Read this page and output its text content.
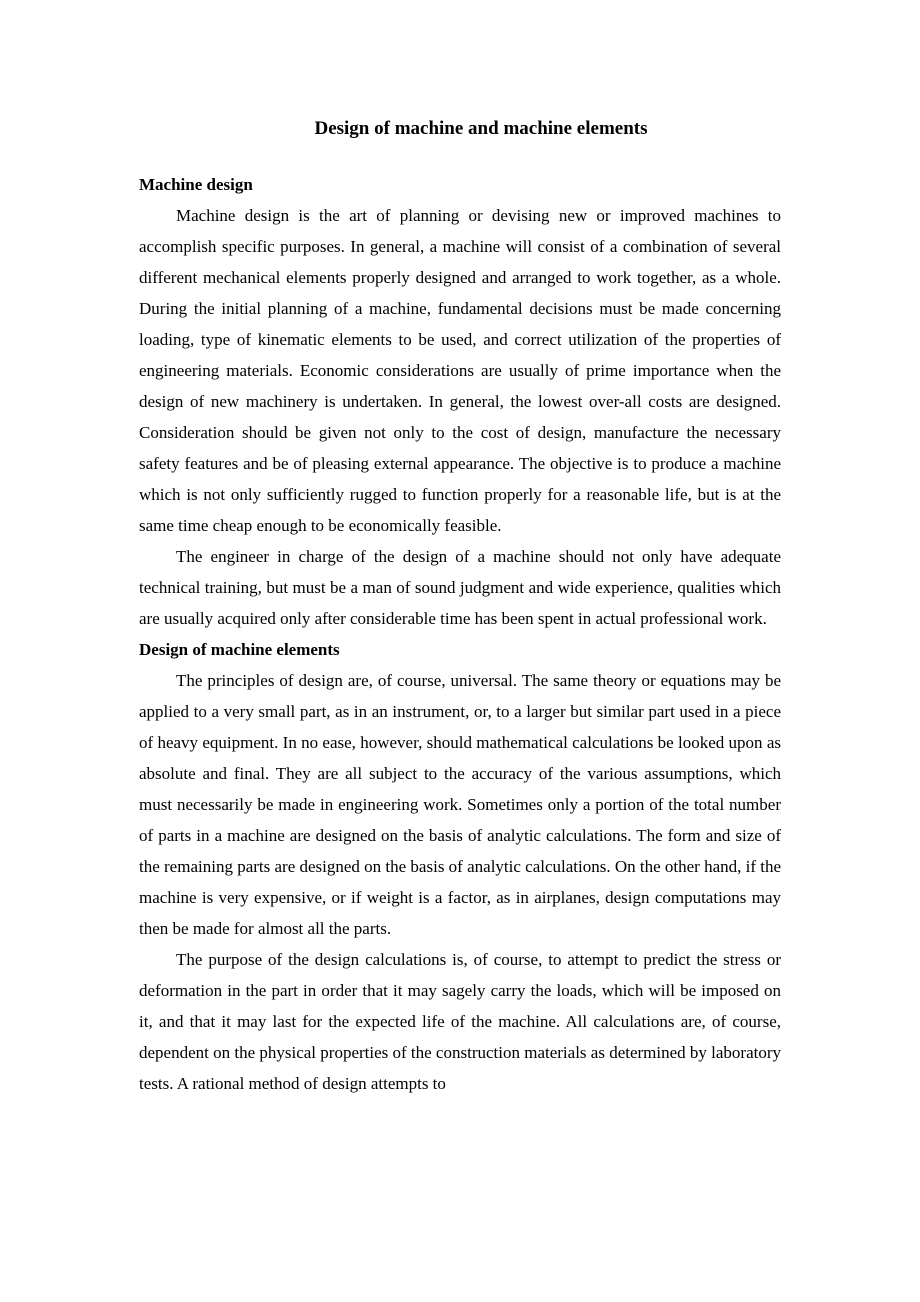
Design of machine and machine elements

Machine design

Machine design is the art of planning or devising new or improved machines to accomplish specific purposes. In general, a machine will consist of a combination of several different mechanical elements properly designed and arranged to work together, as a whole. During the initial planning of a machine, fundamental decisions must be made concerning loading, type of kinematic elements to be used, and correct utilization of the properties of engineering materials. Economic considerations are usually of prime importance when the design of new machinery is undertaken. In general, the lowest over-all costs are designed. Consideration should be given not only to the cost of design, manufacture the necessary safety features and be of pleasing external appearance. The objective is to produce a machine which is not only sufficiently rugged to function properly for a reasonable life, but is at the same time cheap enough to be economically feasible.

The engineer in charge of the design of a machine should not only have adequate technical training, but must be a man of sound judgment and wide experience, qualities which are usually acquired only after considerable time has been spent in actual professional work.

Design of machine elements

The principles of design are, of course, universal. The same theory or equations may be applied to a very small part, as in an instrument, or, to a larger but similar part used in a piece of heavy equipment. In no ease, however, should mathematical calculations be looked upon as absolute and final. They are all subject to the accuracy of the various assumptions, which must necessarily be made in engineering work. Sometimes only a portion of the total number of parts in a machine are designed on the basis of analytic calculations. The form and size of the remaining parts are designed on the basis of analytic calculations. On the other hand, if the machine is very expensive, or if weight is a factor, as in airplanes, design computations may then be made for almost all the parts.

The purpose of the design calculations is, of course, to attempt to predict the stress or deformation in the part in order that it may sagely carry the loads, which will be imposed on it, and that it may last for the expected life of the machine. All calculations are, of course, dependent on the physical properties of the construction materials as determined by laboratory tests. A rational method of design attempts to
